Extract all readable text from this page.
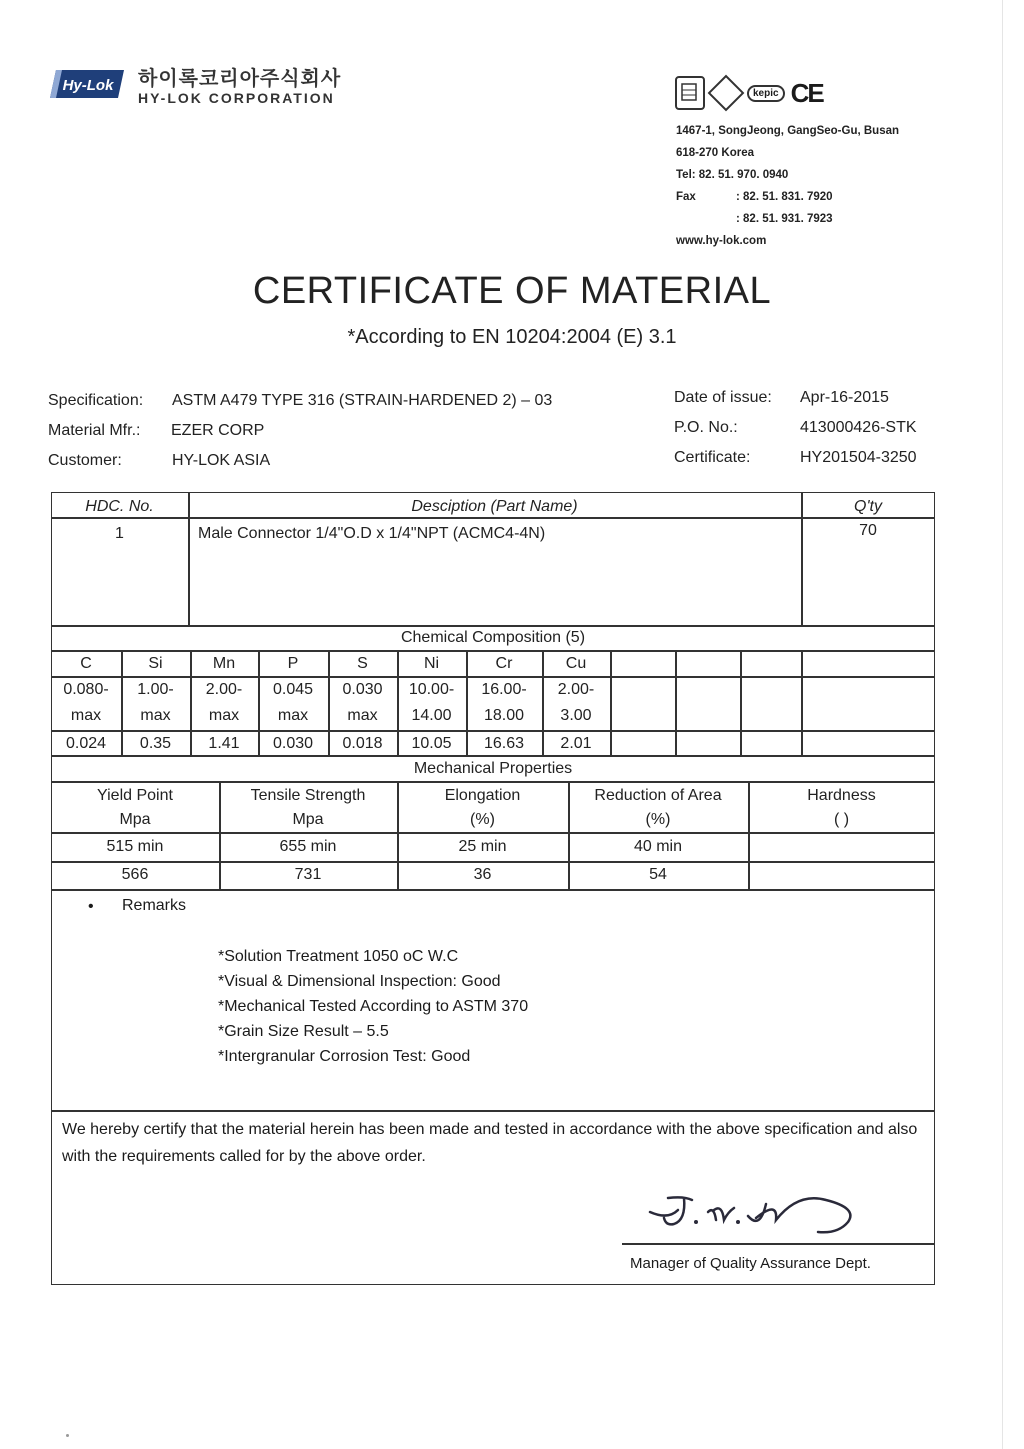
Hy-Lok 하이록코리아주식회사
HY-LOK CORPORATION	kepic CE
1467-1, SongJeong, GangSeo-Gu, Busan
618-270 Korea
Tel: 82. 51. 970. 0940
Fax	: 82. 51. 831. 7920
: 82. 51. 931. 7923
www.hy-lok.com
CERTIFICATE OF MATERIAL
*According to EN 10204:2004 (E) 3.1
Specification: ASTM A479 TYPE 316 (STRAIN-HARDENED 2) – 03
Material Mfr.: EZER CORP
Customer:	HY-LOK ASIA
Date of issue: Apr-16-2015
P.O. No.:	413000426-STK
Certificate:	HY201504-3250
HDC. No.	Desciption (Part Name)	Q'ty
1	Male Connector 1/4"O.D x 1/4"NPT (ACMC4-4N)	70
Chemical Composition (5)
C	Si	Mn	P	S	Ni	Cr	Cu
0.080-	1.00-	2.00-	0.045	0.030	10.00-	16.00-	2.00-
max	max	max	max	max	14.00	18.00	3.00
0.024	0.35	1.41	0.030	0.018	10.05	16.63	2.01
Mechanical Properties
Yield Point	Tensile Strength	Elongation	Reduction of Area	Hardness
Mpa	Mpa	(%)	(%)	( )
515 min	655 min	25 min	40 min
566	731	36	54
• Remarks
*Solution Treatment 1050 oC W.C
*Visual & Dimensional Inspection: Good
*Mechanical Tested According to ASTM 370
*Grain Size Result – 5.5
*Intergranular Corrosion Test: Good
We hereby certify that the material herein has been made and tested in accordance with the above specification and also with the requirements called for by the above order.
Manager of Quality Assurance Dept.
